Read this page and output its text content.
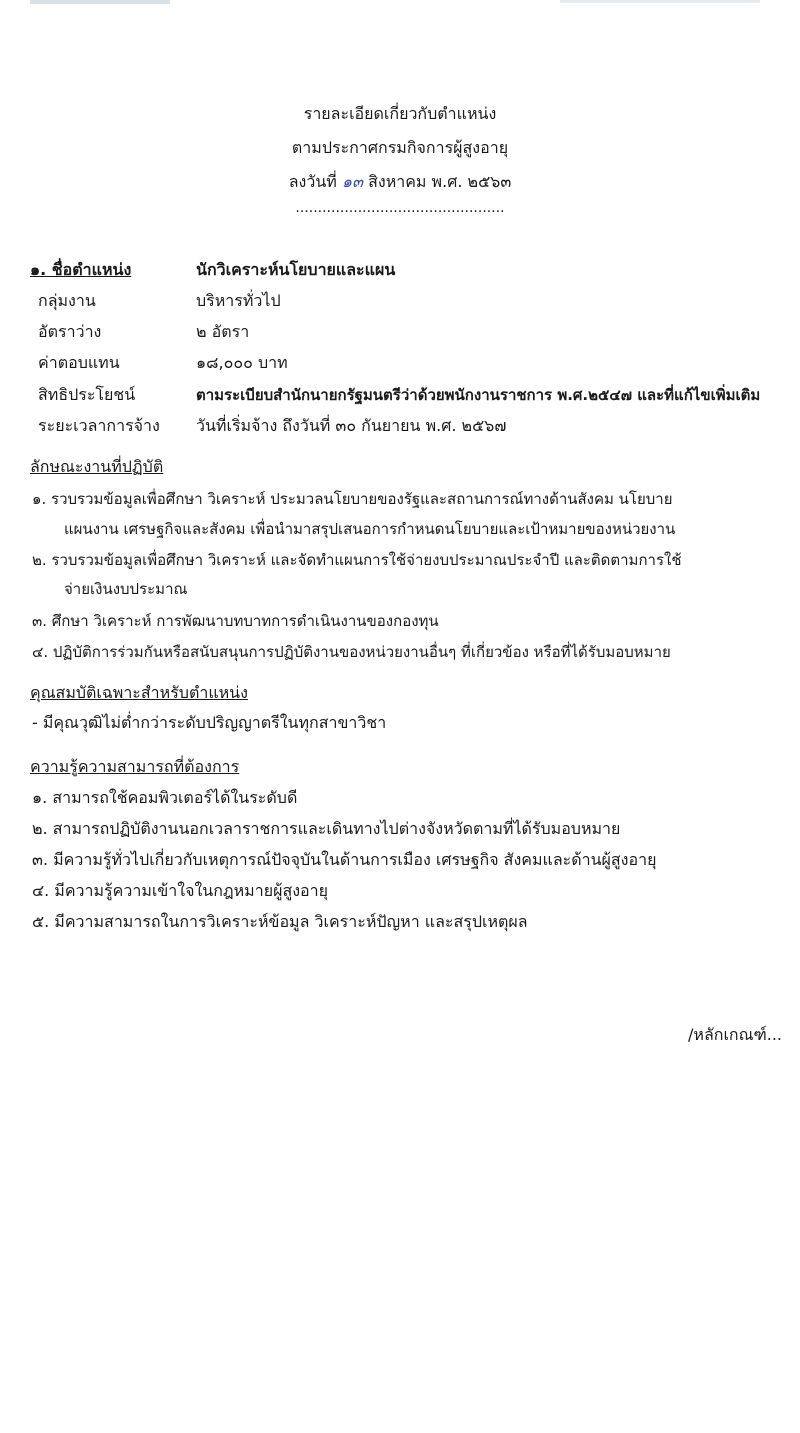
รายละเอียดเกี่ยวกับตำแหน่ง
ตามประกาศกรมกิจการผู้สูงอายุ
ลงวันที่ ๑๓ สิงหาคม พ.ศ. ๒๕๖๓
...............................................
๑. ชื่อตำแหน่ง	นักวิเคราะห์นโยบายและแผน
กลุ่มงาน	บริหารทั่วไป
อัตราว่าง	๒ อัตรา
ค่าตอบแทน	๑๘,๐๐๐ บาท
สิทธิประโยชน์	ตามระเบียบสำนักนายกรัฐมนตรีว่าด้วยพนักงานราชการ พ.ศ.๒๕๔๗ และที่แก้ไขเพิ่มเติม
ระยะเวลาการจ้าง วันที่เริ่มจ้าง ถึงวันที่ ๓๐ กันยายน พ.ศ. ๒๕๖๗
ลักษณะงานที่ปฏิบัติ
๑. รวบรวมข้อมูลเพื่อศึกษา วิเคราะห์ ประมวลนโยบายของรัฐและสถานการณ์ทางด้านสังคม นโยบาย
แผนงาน เศรษฐกิจและสังคม เพื่อนำมาสรุปเสนอการกำหนดนโยบายและเป้าหมายของหน่วยงาน
๒. รวบรวมข้อมูลเพื่อศึกษา วิเคราะห์ และจัดทำแผนการใช้จ่ายงบประมาณประจำปี และติดตามการใช้
จ่ายเงินงบประมาณ
๓. ศึกษา วิเคราะห์ การพัฒนาบทบาทการดำเนินงานของกองทุน
๔. ปฏิบัติการร่วมกันหรือสนับสนุนการปฏิบัติงานของหน่วยงานอื่นๆ ที่เกี่ยวข้อง หรือที่ได้รับมอบหมาย
คุณสมบัติเฉพาะสำหรับตำแหน่ง
- มีคุณวุฒิไม่ต่ำกว่าระดับปริญญาตรีในทุกสาขาวิชา
ความรู้ความสามารถที่ต้องการ
๑. สามารถใช้คอมพิวเตอร์ได้ในระดับดี
๒. สามารถปฏิบัติงานนอกเวลาราชการและเดินทางไปต่างจังหวัดตามที่ได้รับมอบหมาย
๓. มีความรู้ทั่วไปเกี่ยวกับเหตุการณ์ปัจจุบันในด้านการเมือง เศรษฐกิจ สังคมและด้านผู้สูงอายุ
๔. มีความรู้ความเข้าใจในกฎหมายผู้สูงอายุ
๕. มีความสามารถในการวิเคราะห์ข้อมูล วิเคราะห์ปัญหา และสรุปเหตุผล
/หลักเกณฑ์...
